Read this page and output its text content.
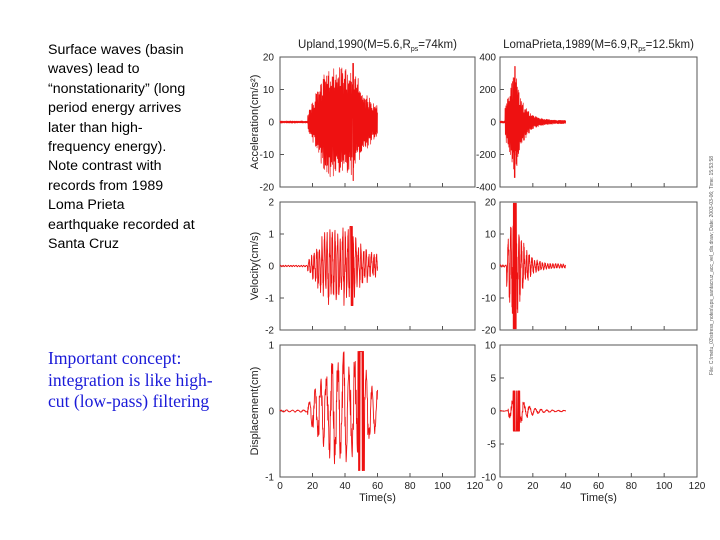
Surface waves (basin waves) lead to “nonstationarity” (long period energy arrives later than high-frequency energy). Note contrast with records from 1989 Loma Prieta earthquake recorded at Santa Cruz
Important concept: integration is like high-cut (low-pass) filtering
-20
-10
0
10
20
Acceleration(cm/s²)
$Upland,1990(M=5.6,R_{ps}=74km)$
-400
-200
0
200
400
$LomaPrieta,1989(M=6.9,R_{ps}=12.5km)$
-2
-1
0
1
2
Velocity(cm/s)
-20
-10
0
10
20
-1
0
1
0 20 40 60 80 100 120
Time(s)
Displacement(cm)
-10
-5
0
5
10
0 20 40 60 80 100 120
Time(s)
File: C:\metu_03\stress_notes\ups_santacruz_acc_vel_dis.draw; Date: 2003-03-06; Time: 15:53:58
